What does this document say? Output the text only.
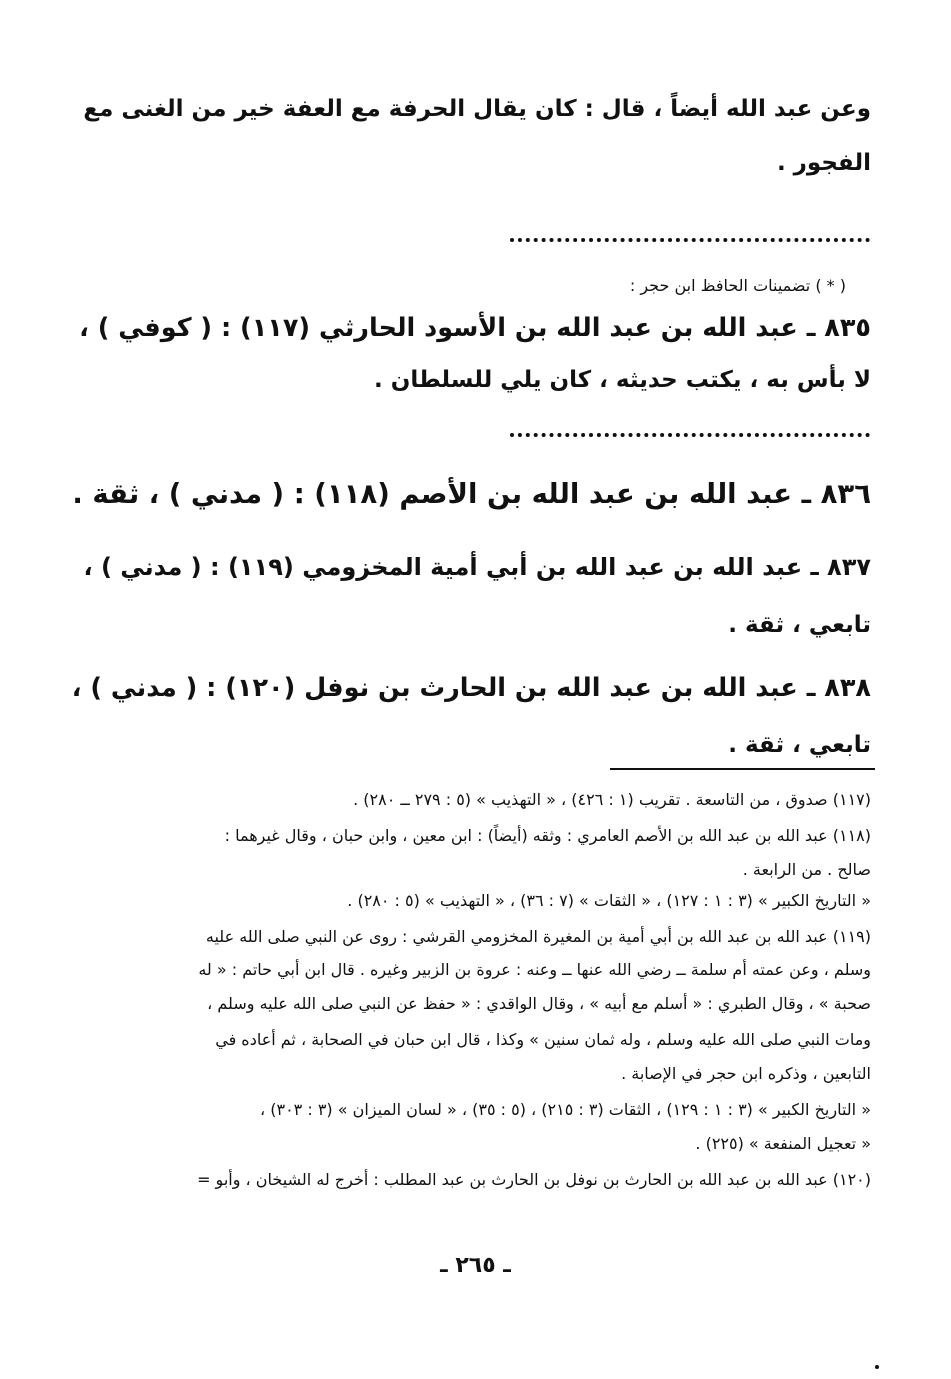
وعن عبد الله أيضاً ، قال : كان يقال الحرفة مع العفة خير من الغنى مع
الفجور .
( * ) تضمينات الحافظ ابن حجر :
٨٣٥ ـ عبد الله بن عبد الله بن الأسود الحارثي (١١٧) : ( كوفي ) ،
لا بأس به ، يكتب حديثه ، كان يلي للسلطان .
٨٣٦ ـ عبد الله بن عبد الله بن الأصم (١١٨) : ( مدني ) ، ثقة .
٨٣٧ ـ عبد الله بن عبد الله بن أبي أمية المخزومي (١١٩) : ( مدني ) ،
تابعي ، ثقة .
٨٣٨ ـ عبد الله بن عبد الله بن الحارث بن نوفل (١٢٠) : ( مدني ) ،
تابعي ، ثقة .
(١١٧) صدوق ، من التاسعة . تقريب (١ : ٤٢٦) ، « التهذيب » (٥ : ٢٧٩ ــ ٢٨٠) .
(١١٨) عبد الله بن عبد الله بن الأصم العامري : وثقه (أيضاً) : ابن معين ، وابن حبان ، وقال غيرهما :
صالح . من الرابعة .
« التاريخ الكبير » (٣ : ١ : ١٢٧) ، « الثقات » (٧ : ٣٦) ، « التهذيب » (٥ : ٢٨٠) .
(١١٩) عبد الله بن عبد الله بن أبي أمية بن المغيرة المخزومي القرشي : روى عن النبي صلى الله عليه
وسلم ، وعن عمته أم سلمة ــ رضي الله عنها ــ وعنه : عروة بن الزبير وغيره . قال ابن أبي حاتم : « له
صحبة » ، وقال الطبري : « أسلم مع أبيه » ، وقال الواقدي : « حفظ عن النبي صلى الله عليه وسلم ،
ومات النبي صلى الله عليه وسلم ، وله ثمان سنين » وكذا ، قال ابن حبان في الصحابة ، ثم أعاده في
التابعين ، وذكره ابن حجر في الإصابة .
« التاريخ الكبير » (٣ : ١ : ١٢٩) ، الثقات (٣ : ٢١٥) ، (٥ : ٣٥) ، « لسان الميزان » (٣ : ٣٠٣) ،
« تعجيل المنفعة » (٢٢٥) .
(١٢٠) عبد الله بن عبد الله بن الحارث بن نوفل بن الحارث بن عبد المطلب : أخرج له الشيخان ، وأبو =
ـ ٢٦٥ ـ
